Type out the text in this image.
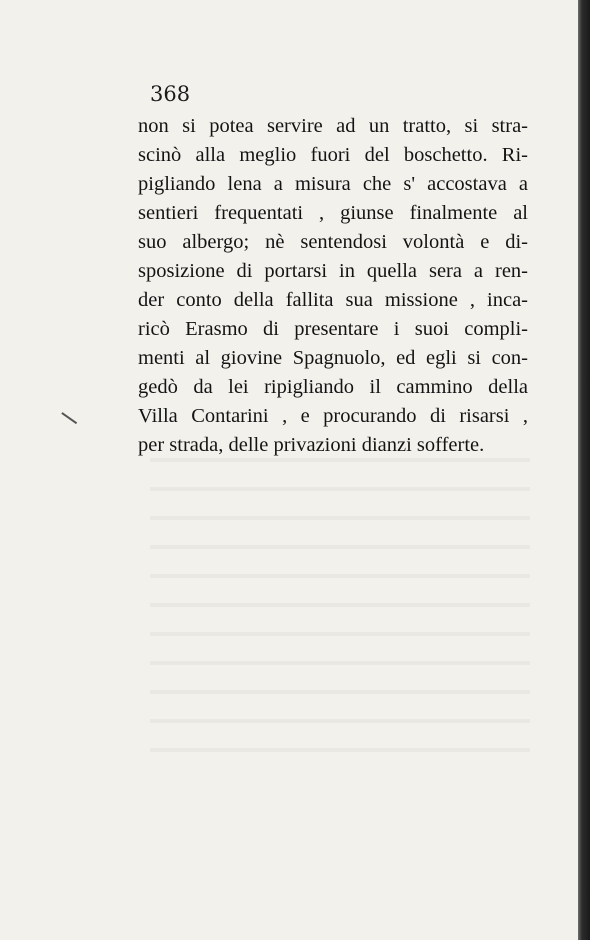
368
non si potea servire ad un tratto, si stra-
scinò alla meglio fuori del boschetto. Ri-
pigliando lena a misura che s' accostava a
sentieri frequentati , giunse finalmente al
suo albergo; nè sentendosi volontà e di-
sposizione di portarsi in quella sera a ren-
der conto della fallita sua missione , inca-
ricò Erasmo di presentare i suoi compli-
menti al giovine Spagnuolo, ed egli si con-
gedò da lei ripigliando il cammino della
Villa Contarini , e procurando di risarsi ,
per strada, delle privazioni dianzi sofferte.
